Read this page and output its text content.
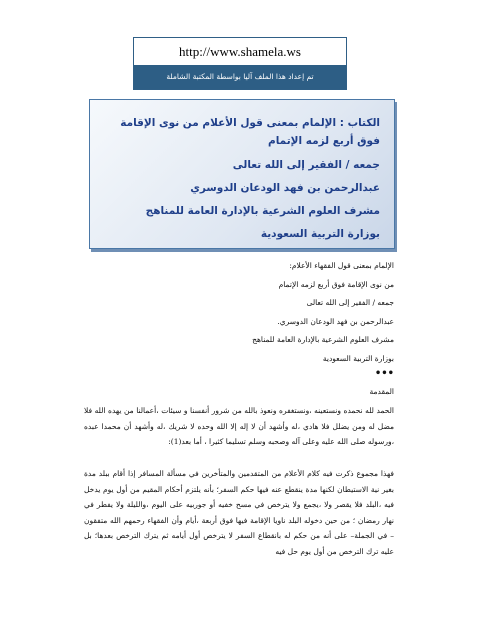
http://www.shamela.ws
تم إعداد هذا الملف آليا بواسطة المكتبة الشاملة

الكتاب : الإلمام بمعنى قول الأعلام من نوى الإقامة فوق أربع لزمه الإتمام

جمعه / الفقير إلى الله تعالى

عبدالرحمن بن فهد الودعان الدوسري

مشرف العلوم الشرعية بالإدارة العامة للمناهج

بوزارة التربية السعودية

الإلمام بمعنى قول الفقهاء الأعلام:
من نوى الإقامة فوق أربع لزمه الإتمام
جمعه / الفقير إلى الله تعالى
عبدالرحمن بن فهد الودعان الدوسري.
مشرف العلوم الشرعية بالإدارة العامة للمناهج
بوزارة التربية السعودية
•••
المقدمة
الحمد لله نحمده ونستعينه ،ونستغفره ونعوذ بالله من شرور أنفسنا و سيئات ،أعمالنا من يهده الله فلا مضل له ومن يضلل فلا هادي ،له وأشهد أن لا إله إلا الله وحده لا شريك ،له وأشهد أن محمدا عبده ،ورسوله صلى الله عليه وعلى آله وصحبه وسلم تسليما كثيرا ، أما بعد(1):
فهذا مجموع ذكرت فيه كلام الأعلام من المتقدمين والمتأخرين في مسألة المسافر إذا أقام ببلد مدة بغير نية الاستيطان لكنها مدة ينقطع عنه فيها حكم السفر؛ بأنه يلتزم أحكام المقيم من أول يوم يدخل فيه ،البلد فلا يقصر ولا ،يجمع ولا يترخص في مسح خفيه أو جوربيه على اليوم ،والليلة ولا يفطر في نهار رمضان ؛ من حين دخوله البلد ناويا الإقامة فيها فوق أربعة ،أيام وأن الفقهاء رحمهم الله متفقون – في الجملة– على أنه من حكم له بانقطاع السفر لا يترخص أول أيامه ثم يترك الترخص بعدها؛ بل عليه ترك الترخص من أول يوم حل فيه
